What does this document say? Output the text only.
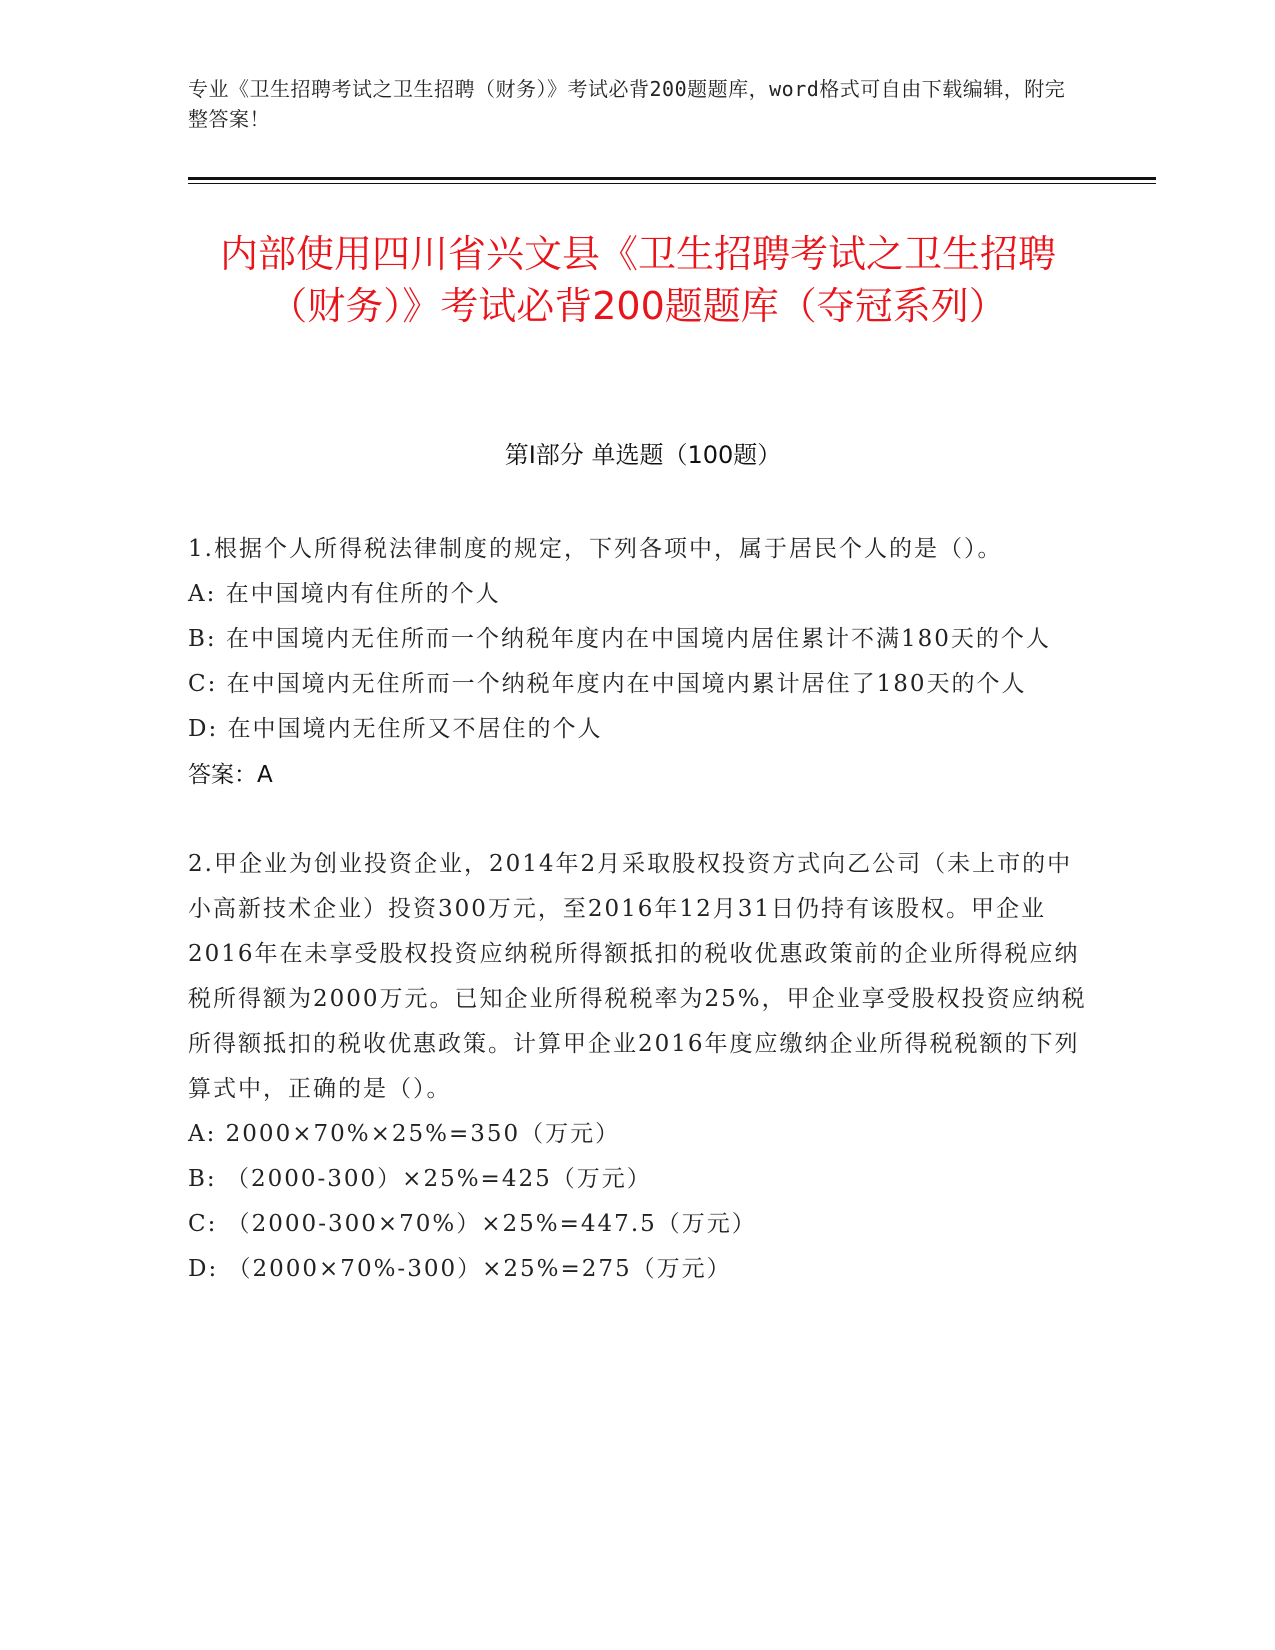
专业《卫生招聘考试之卫生招聘（财务）》考试必背200题题库，word格式可自由下载编辑，附完整答案！
内部使用四川省兴文县《卫生招聘考试之卫生招聘（财务）》考试必背200题题库（夺冠系列）
第Ⅰ部分 单选题（100题）
1.根据个人所得税法律制度的规定，下列各项中，属于居民个人的是（）。
A: 在中国境内有住所的个人
B: 在中国境内无住所而一个纳税年度内在中国境内居住累计不满180天的个人
C: 在中国境内无住所而一个纳税年度内在中国境内累计居住了180天的个人
D: 在中国境内无住所又不居住的个人
答案：A
2.甲企业为创业投资企业，2014年2月采取股权投资方式向乙公司（未上市的中小高新技术企业）投资300万元，至2016年12月31日仍持有该股权。甲企业2016年在未享受股权投资应纳税所得额抵扣的税收优惠政策前的企业所得税应纳税所得额为2000万元。已知企业所得税税率为25%，甲企业享受股权投资应纳税所得额抵扣的税收优惠政策。计算甲企业2016年度应缴纳企业所得税税额的下列算式中，正确的是（）。
A: 2000×70%×25%=350（万元）
B: （2000-300）×25%=425（万元）
C: （2000-300×70%）×25%=447.5（万元）
D: （2000×70%-300）×25%=275（万元）
